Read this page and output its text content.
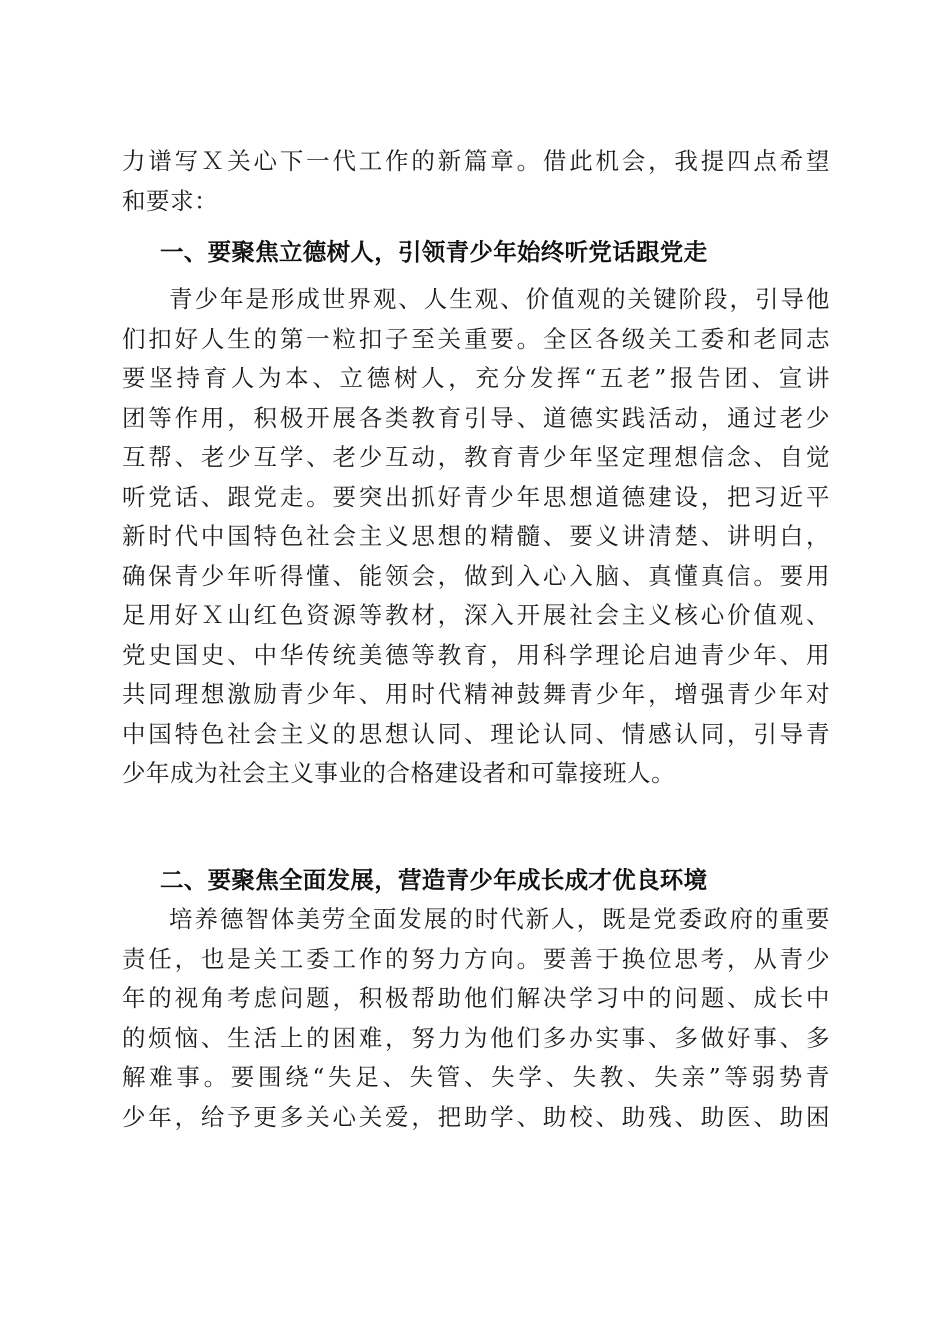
力谱写Ｘ关心下一代工作的新篇章。借此机会，我提四点希望
和要求：
一、要聚焦立德树人，引领青少年始终听党话跟党走
青少年是形成世界观、人生观、价值观的关键阶段，引导他
们扣好人生的第一粒扣子至关重要。全区各级关工委和老同志
要坚持育人为本、立德树人，充分发挥“五老”报告团、宣讲
团等作用，积极开展各类教育引导、道德实践活动，通过老少
互帮、老少互学、老少互动，教育青少年坚定理想信念、自觉
听党话、跟党走。要突出抓好青少年思想道德建设，把习近平
新时代中国特色社会主义思想的精髓、要义讲清楚、讲明白，
确保青少年听得懂、能领会，做到入心入脑、真懂真信。要用
足用好Ｘ山红色资源等教材，深入开展社会主义核心价值观、
党史国史、中华传统美德等教育，用科学理论启迪青少年、用
共同理想激励青少年、用时代精神鼓舞青少年，增强青少年对
中国特色社会主义的思想认同、理论认同、情感认同，引导青
少年成为社会主义事业的合格建设者和可靠接班人。
二、要聚焦全面发展，营造青少年成长成才优良环境
培养德智体美劳全面发展的时代新人，既是党委政府的重要
责任，也是关工委工作的努力方向。要善于换位思考，从青少
年的视角考虑问题，积极帮助他们解决学习中的问题、成长中
的烦恼、生活上的困难，努力为他们多办实事、多做好事、多
解难事。要围绕“失足、失管、失学、失教、失亲”等弱势青
少年，给予更多关心关爱，把助学、助校、助残、助医、助困
